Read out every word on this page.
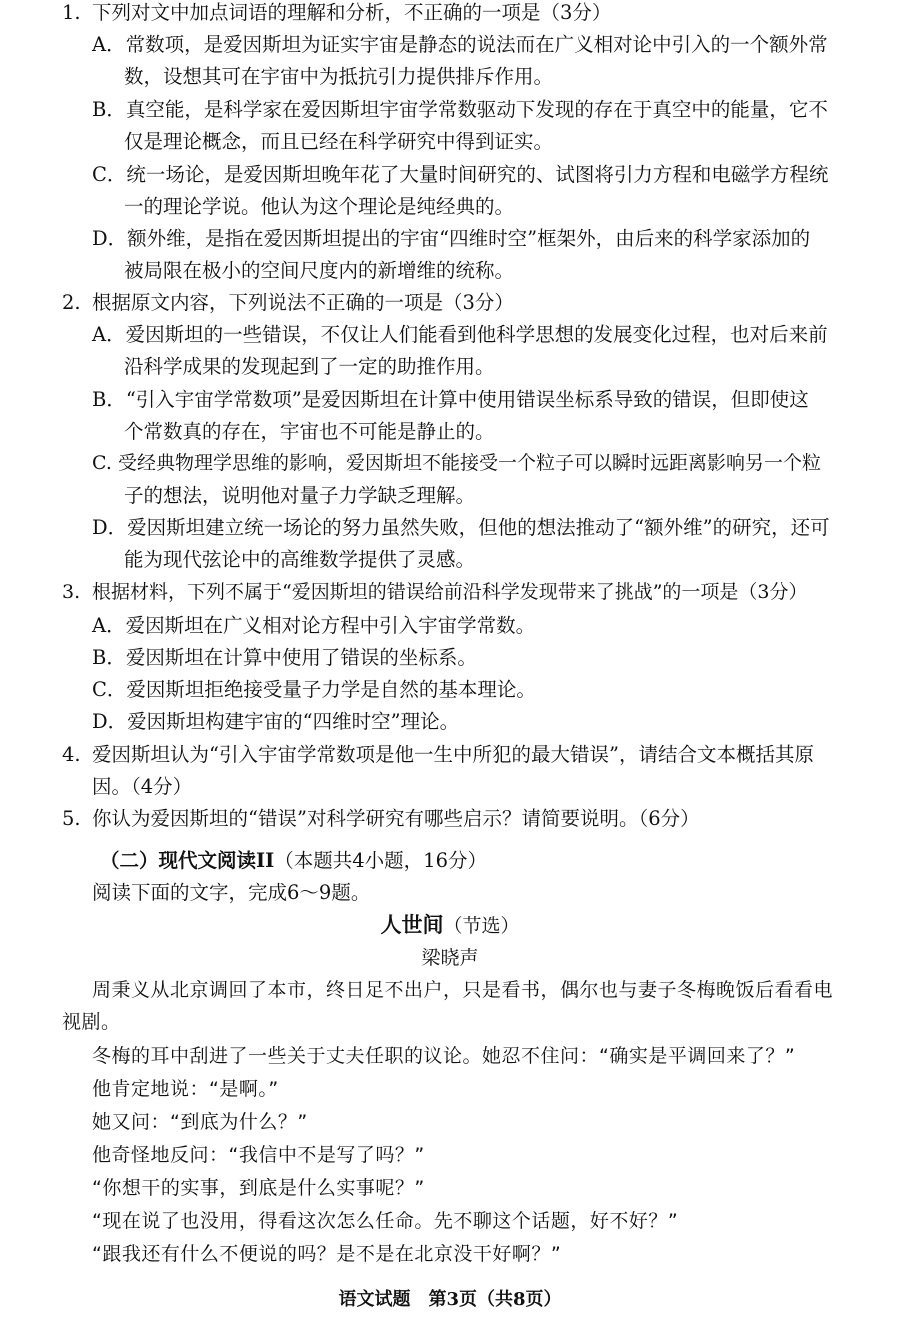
1. 下列对文中加点词语的理解和分析，不正确的一项是（3分）
A．常数项，是爱因斯坦为证实宇宙是静态的说法而在广义相对论中引入的一个额外常
数，设想其可在宇宙中为抵抗引力提供排斥作用。
B．真空能，是科学家在爱因斯坦宇宙学常数驱动下发现的存在于真空中的能量，它不
仅是理论概念，而且已经在科学研究中得到证实。
C．统一场论，是爱因斯坦晚年花了大量时间研究的、试图将引力方程和电磁学方程统
一的理论学说。他认为这个理论是纯经典的。
D．额外维，是指在爱因斯坦提出的宇宙“四维时空”框架外，由后来的科学家添加的
被局限在极小的空间尺度内的新增维的统称。
2. 根据原文内容，下列说法不正确的一项是（3分）
A．爱因斯坦的一些错误，不仅让人们能看到他科学思想的发展变化过程，也对后来前
沿科学成果的发现起到了一定的助推作用。
B．“引入宇宙学常数项”是爱因斯坦在计算中使用错误坐标系导致的错误，但即使这
个常数真的存在，宇宙也不可能是静止的。
C. 受经典物理学思维的影响，爱因斯坦不能接受一个粒子可以瞬时远距离影响另一个粒
子的想法，说明他对量子力学缺乏理解。
D．爱因斯坦建立统一场论的努力虽然失败，但他的想法推动了“额外维”的研究，还可
能为现代弦论中的高维数学提供了灵感。
3. 根据材料，下列不属于“爱因斯坦的错误给前沿科学发现带来了挑战”的一项是（3分）
A．爱因斯坦在广义相对论方程中引入宇宙学常数。
B．爱因斯坦在计算中使用了错误的坐标系。
C．爱因斯坦拒绝接受量子力学是自然的基本理论。
D．爱因斯坦构建宇宙的“四维时空”理论。
4. 爱因斯坦认为“引入宇宙学常数项是他一生中所犯的最大错误”，请结合文本概括其原
因。（4分）
5. 你认为爱因斯坦的“错误”对科学研究有哪些启示？请简要说明。（6分）
（二）现代文阅读II（本题共4小题，16分）
阅读下面的文字，完成6～9题。
人世间（节选）
梁晓声
周秉义从北京调回了本市，终日足不出户，只是看书，偶尔也与妻子冬梅晚饭后看看电
视剧。
冬梅的耳中刮进了一些关于丈夫任职的议论。她忍不住问：“确实是平调回来了？”
他肯定地说：“是啊。”
她又问：“到底为什么？”
他奇怪地反问：“我信中不是写了吗？”
“你想干的实事，到底是什么实事呢？”
“现在说了也没用，得看这次怎么任命。先不聊这个话题，好不好？”
“跟我还有什么不便说的吗？是不是在北京没干好啊？”
语文试题　第3页（共8页）
